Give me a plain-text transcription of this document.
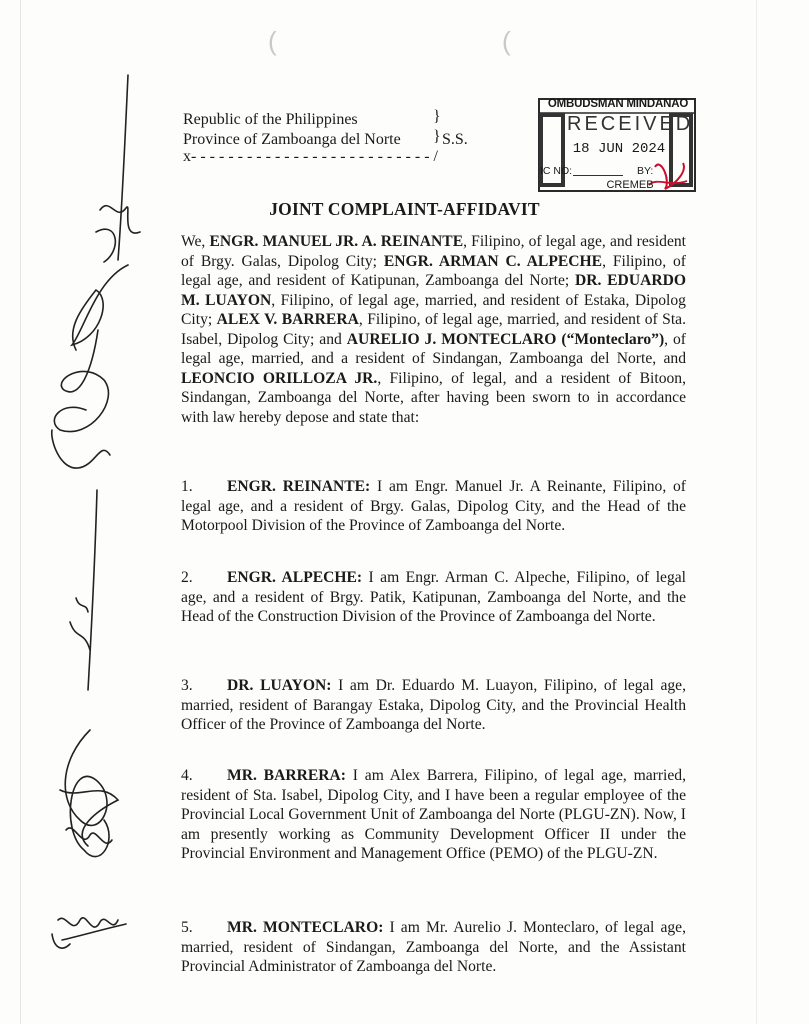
(	(
Republic of the Philippines
Province of Zamboanga del Norte
}
} S.S.
x- - - - - - - - - - - - - - - - - - - - - - - - - - /
OMBUDSMAN MINDANAO
RECEIVED
18 JUN 2024
IC NO:	BY:
CREMEB
JOINT COMPLAINT-AFFIDAVIT
We, ENGR. MANUEL JR. A. REINANTE, Filipino, of legal age, and resident of Brgy. Galas, Dipolog City; ENGR. ARMAN C. ALPECHE, Filipino, of legal age, and resident of Katipunan, Zamboanga del Norte; DR. EDUARDO M. LUAYON, Filipino, of legal age, married, and resident of Estaka, Dipolog City; ALEX V. BARRERA, Filipino, of legal age, married, and resident of Sta. Isabel, Dipolog City; and AURELIO J. MONTECLARO (“Monteclaro”), of legal age, married, and a resident of Sindangan, Zamboanga del Norte, and LEONCIO ORILLOZA JR., Filipino, of legal, and a resident of Bitoon, Sindangan, Zamboanga del Norte, after having been sworn to in accordance with law hereby depose and state that:
1. ENGR. REINANTE: I am Engr. Manuel Jr. A Reinante, Filipino, of legal age, and a resident of Brgy. Galas, Dipolog City, and the Head of the Motorpool Division of the Province of Zamboanga del Norte.
2. ENGR. ALPECHE: I am Engr. Arman C. Alpeche, Filipino, of legal age, and a resident of Brgy. Patik, Katipunan, Zamboanga del Norte, and the Head of the Construction Division of the Province of Zamboanga del Norte.
3. DR. LUAYON: I am Dr. Eduardo M. Luayon, Filipino, of legal age, married, resident of Barangay Estaka, Dipolog City, and the Provincial Health Officer of the Province of Zamboanga del Norte.
4. MR. BARRERA: I am Alex Barrera, Filipino, of legal age, married, resident of Sta. Isabel, Dipolog City, and I have been a regular employee of the Provincial Local Government Unit of Zamboanga del Norte (PLGU-ZN). Now, I am presently working as Community Development Officer II under the Provincial Environment and Management Office (PEMO) of the PLGU-ZN.
5. MR. MONTECLARO: I am Mr. Aurelio J. Monteclaro, of legal age, married, resident of Sindangan, Zamboanga del Norte, and the Assistant Provincial Administrator of Zamboanga del Norte.
